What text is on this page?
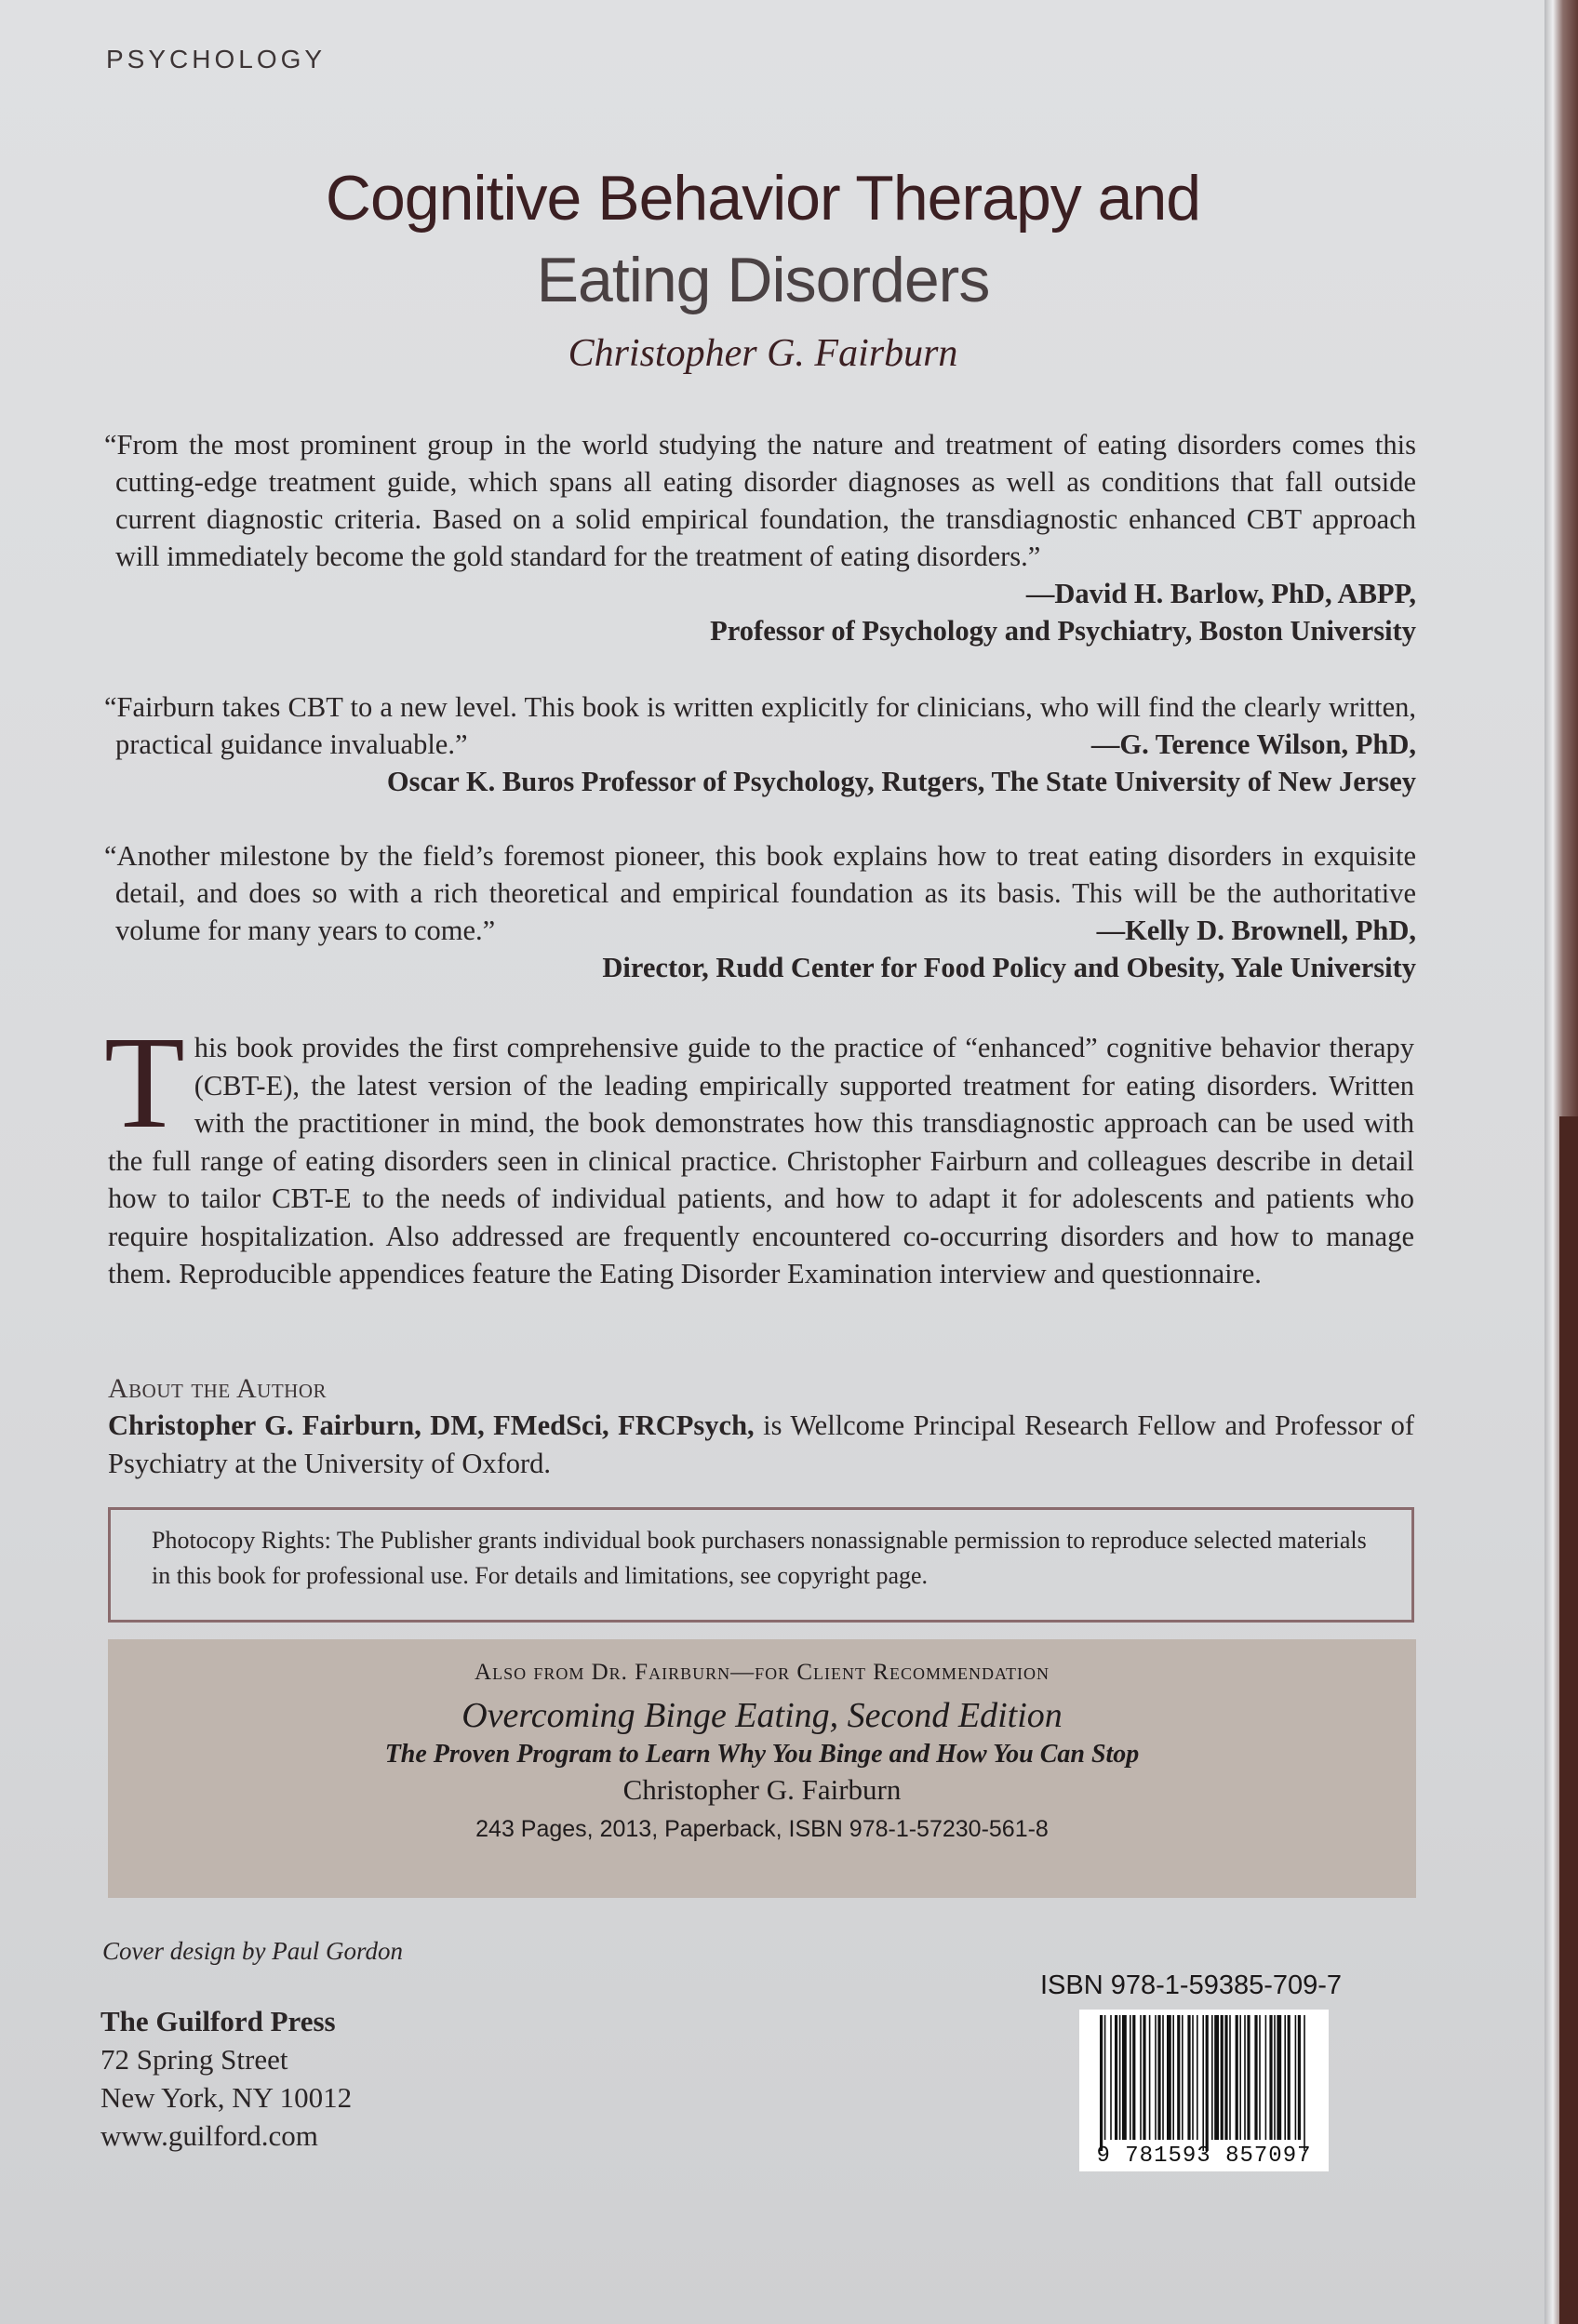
PSYCHOLOGY
Cognitive Behavior Therapy and
Eating Disorders
Christopher G. Fairburn

“From the most prominent group in the world studying the nature and treatment of eating disorders comes this cutting-edge treatment guide, which spans all eating disorder diagnoses as well as conditions that fall outside current diagnostic criteria. Based on a solid empirical foundation, the transdiagnostic enhanced CBT approach will immediately become the gold standard for the treatment of eating disorders.”

—David H. Barlow, PhD, ABPP,
Professor of Psychology and Psychiatry, Boston University

“Fairburn takes CBT to a new level. This book is written explicitly for clinicians, who will find the clearly written, practical guidance invaluable.”	—G. Terence Wilson, PhD,
Oscar K. Buros Professor of Psychology, Rutgers, The State University of New Jersey

“Another milestone by the field’s foremost pioneer, this book explains how to treat eating disorders in exquisite detail, and does so with a rich theoretical and empirical foundation as its basis. This will be the authoritative volume for many years to come.”	—Kelly D. Brownell, PhD,
Director, Rudd Center for Food Policy and Obesity, Yale University
T his book provides the first comprehensive guide to the practice of “enhanced” cognitive behavior therapy (CBT-E), the latest version of the leading empirically supported treatment for eating disorders. Written with the practitioner in mind, the book demonstrates how this transdiagnostic approach can be used with the full range of eating disorders seen in clinical practice. Christopher Fairburn and colleagues describe in detail how to tailor CBT-E to the needs of individual patients, and how to adapt it for adolescents and patients who require hospitalization. Also addressed are frequently encountered co-occurring disorders and how to manage them. Reproducible appendices feature the Eating Disorder Examination interview and questionnaire.
About the Author
Christopher G. Fairburn, DM, FMedSci, FRCPsych, is Wellcome Principal Research Fellow and Professor of Psychiatry at the University of Oxford.
Photocopy Rights: The Publisher grants individual book purchasers nonassignable permission to reproduce selected materials in this book for professional use. For details and limitations, see copyright page.
Also from Dr. Fairburn—for Client Recommendation
Overcoming Binge Eating, Second Edition
The Proven Program to Learn Why You Binge and How You Can Stop
Christopher G. Fairburn
243 Pages, 2013, Paperback, ISBN 978-1-57230-561-8
Cover design by Paul Gordon
The Guilford Press
72 Spring Street
New York, NY 10012
www.guilford.com
ISBN 978-1-59385-709-7
9 781593 857097
